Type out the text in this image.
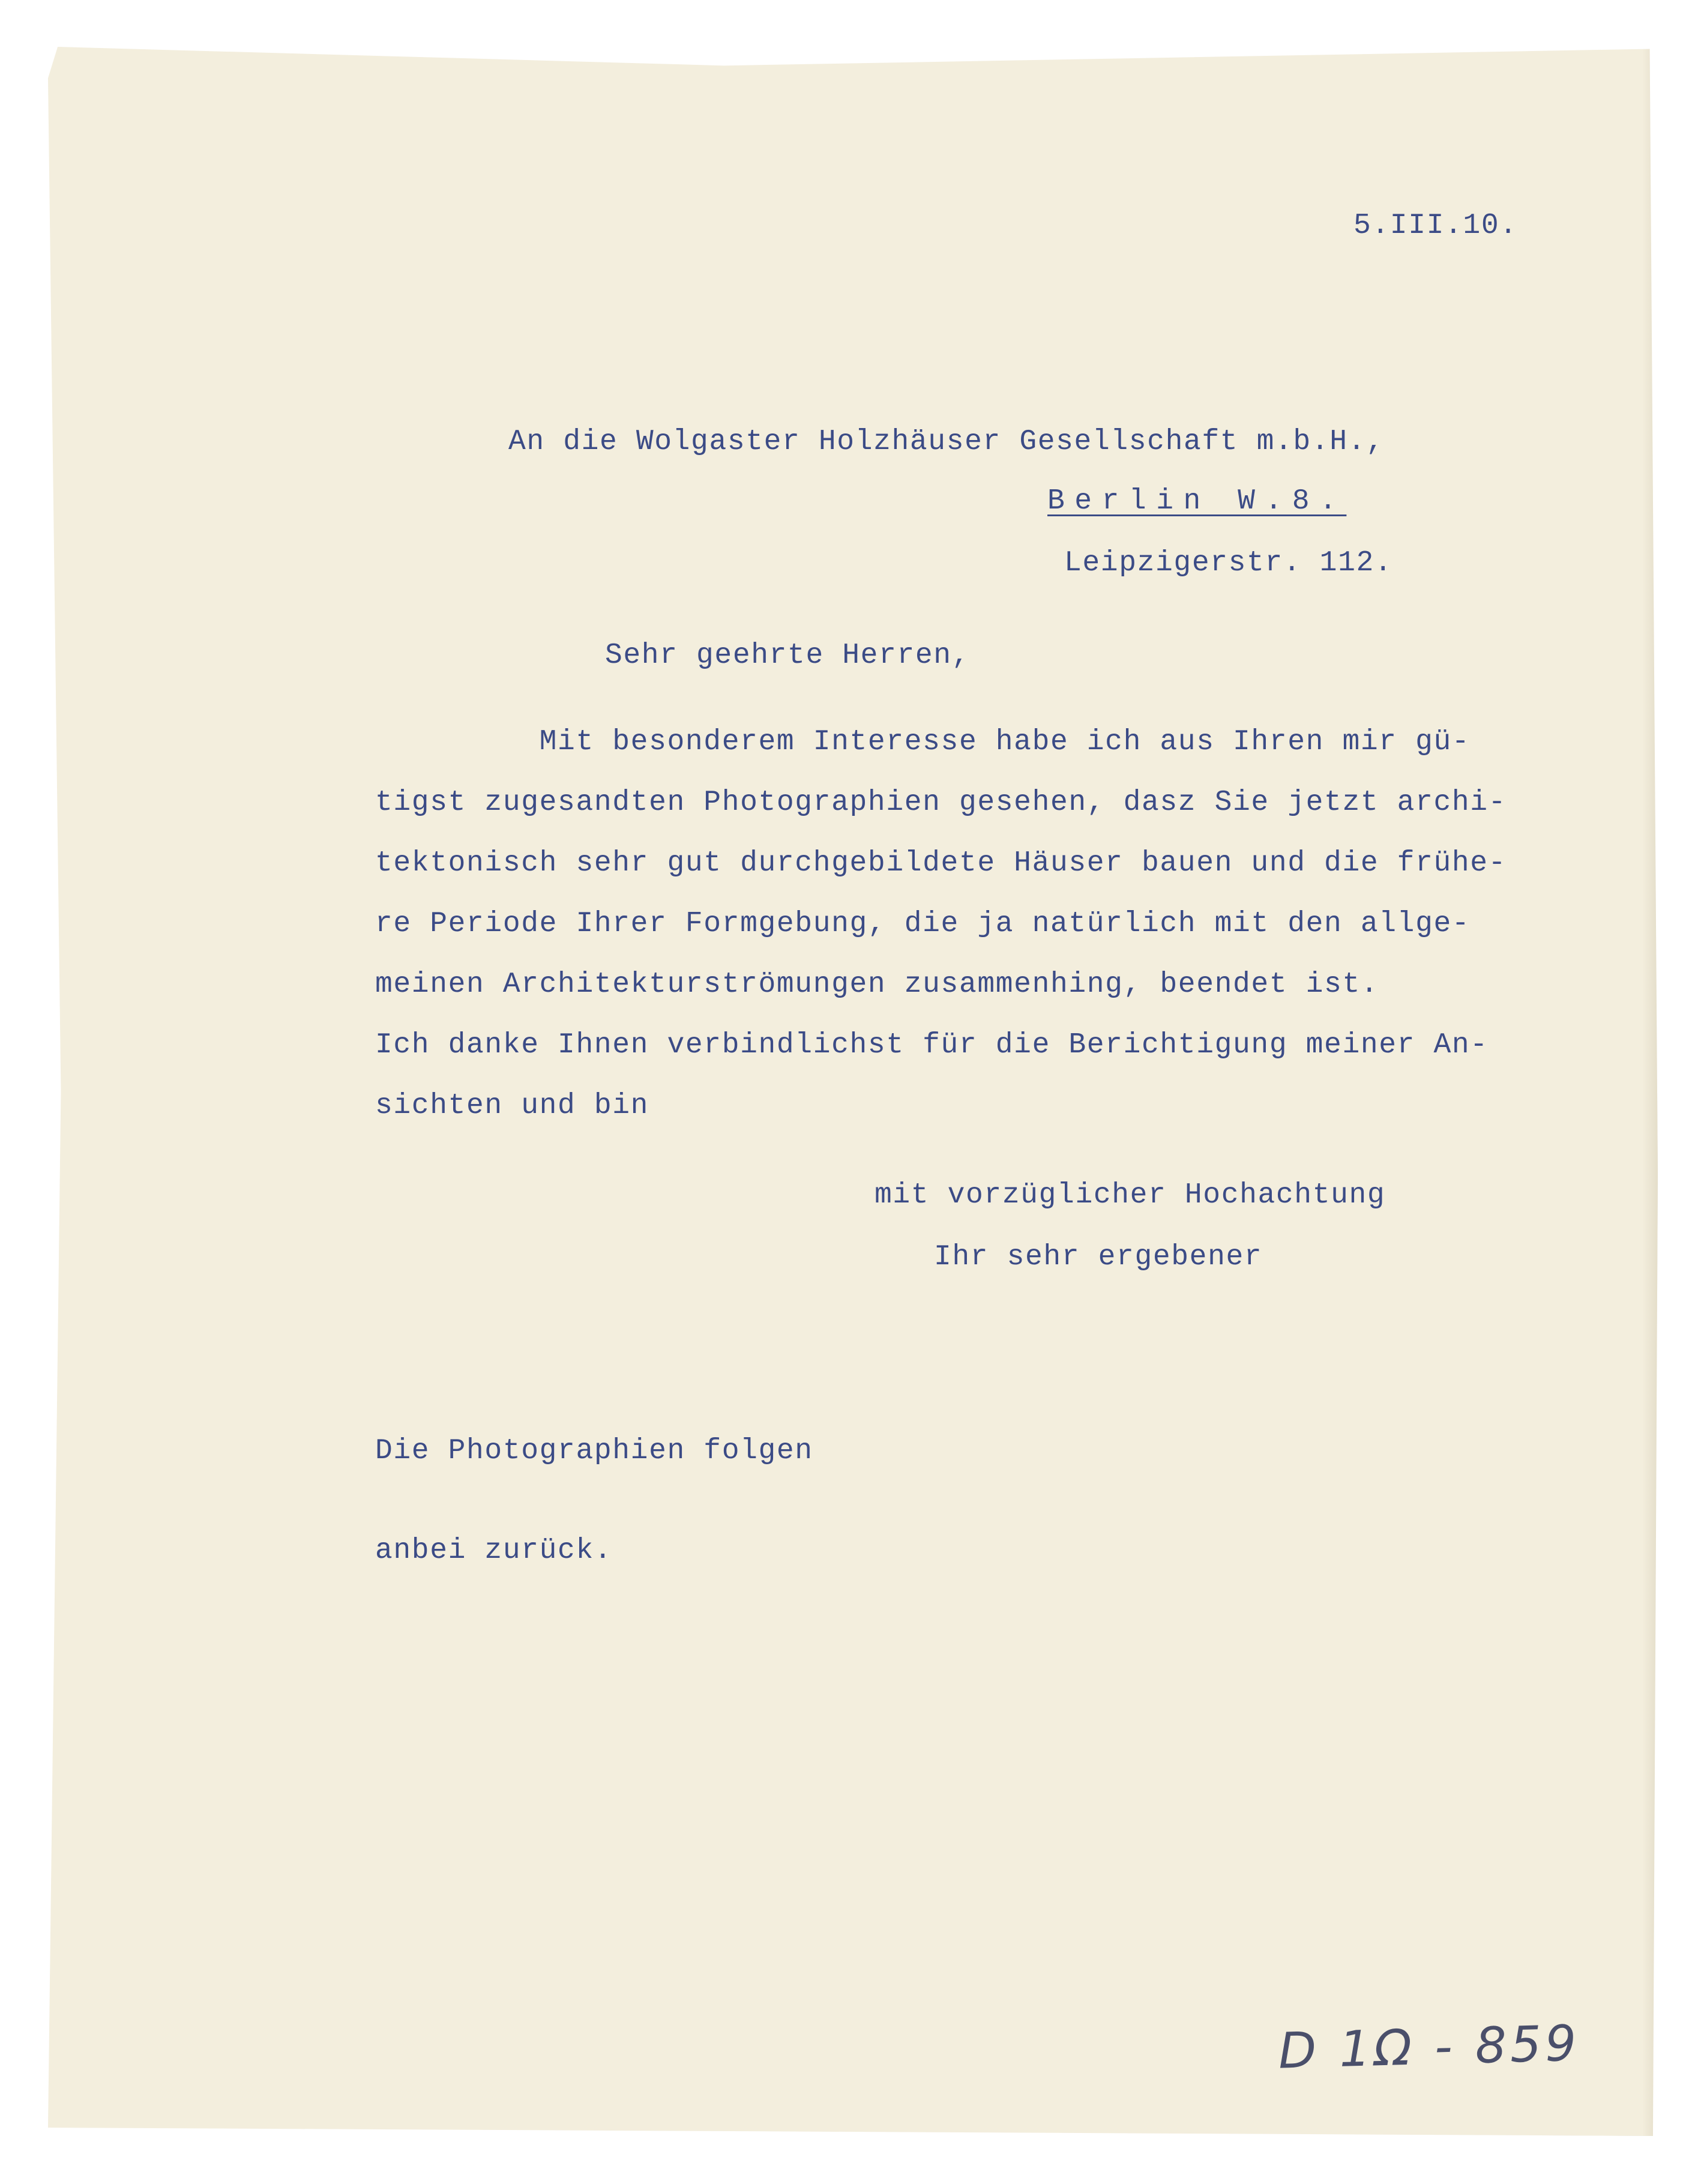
5.III.10.

An die Wolgaster Holzhäuser Gesellschaft m.b.H.,

Berlin W.8.

Leipzigerstr. 112.

Sehr geehrte Herren,

Mit besonderem Interesse habe ich aus Ihren mir gü-

tigst zugesandten Photographien gesehen, dasz Sie jetzt archi-

tektonisch sehr gut durchgebildete Häuser bauen und die frühe-

re Periode Ihrer Formgebung, die ja natürlich mit den allge-

meinen Architekturströmungen zusammenhing, beendet ist.

Ich danke Ihnen verbindlichst für die Berichtigung meiner An-

sichten und bin

mit vorzüglicher Hochachtung

Ihr sehr ergebener

Die Photographien folgen

anbei zurück.

D 1Ω - 859
